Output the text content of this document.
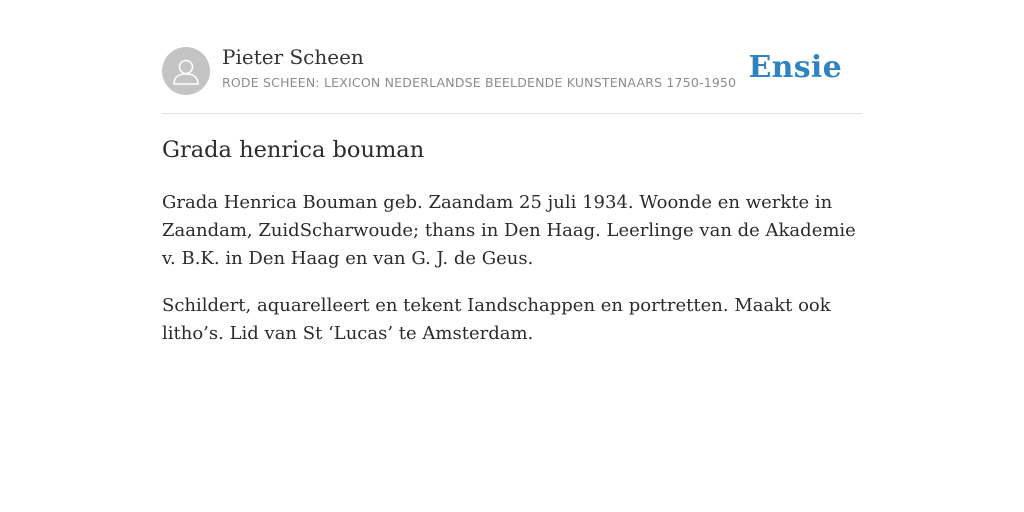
Pieter Scheen
RODE SCHEEN: LEXICON NEDERLANDSE BEELDENDE KUNSTENAARS 1750-1950 Ensie
Grada henrica bouman

Grada Henrica Bouman geb. Zaandam 25 juli 1934. Woonde en werkte in Zaandam, ZuidScharwoude; thans in Den Haag. Leerlinge van de Akademie v. B.K. in Den Haag en van G. J. de Geus.

Schildert, aquarelleert en tekent Iandschappen en portretten. Maakt ook litho’s. Lid van St ‘Lucas’ te Amsterdam.
